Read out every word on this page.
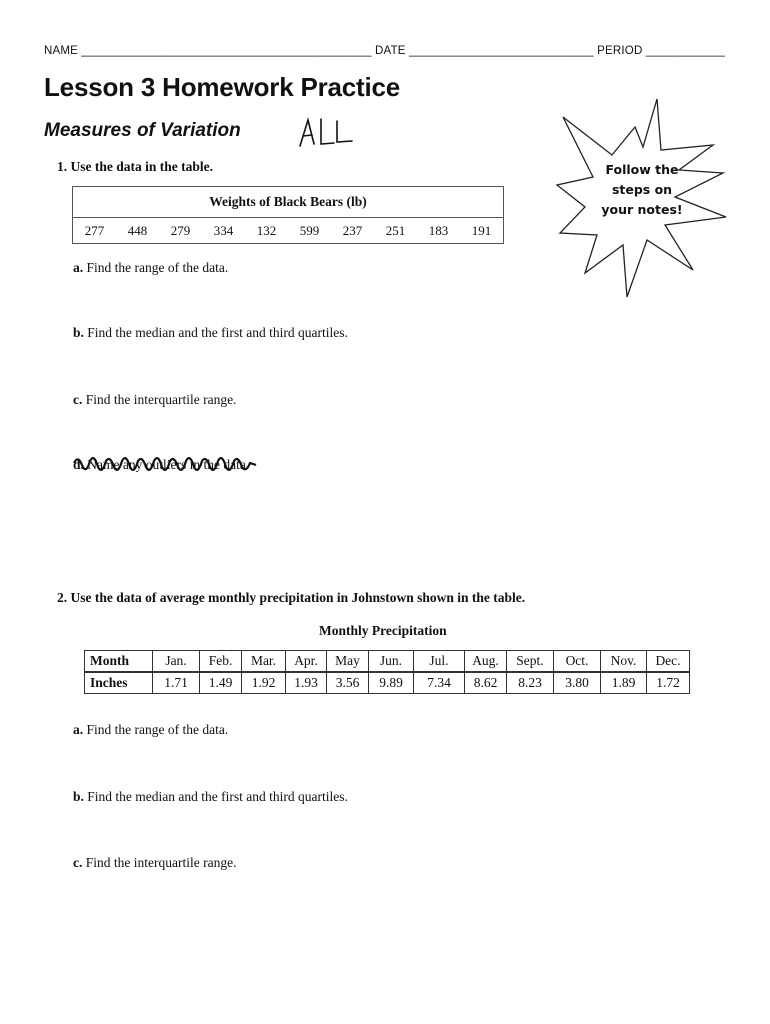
NAME ____________________________________________ DATE ____________________________ PERIOD ____________
Lesson 3 Homework Practice
Measures of Variation
Follow the
steps on
your notes!
1. Use the data in the table.
Weights of Black Bears (lb)
277	448	279	334	132	599	237	251	183	191
a. Find the range of the data.
b. Find the median and the first and third quartiles.
c. Find the interquartile range.
d. Name any outliers in the data.
2. Use the data of average monthly precipitation in Johnstown shown in the table.
Monthly Precipitation
Month	Jan.	Feb.	Mar.	Apr.	May	Jun.	Jul.	Aug.	Sept.	Oct.	Nov.	Dec.
Inches	1.71	1.49	1.92	1.93	3.56	9.89	7.34	8.62	8.23	3.80	1.89	1.72
a. Find the range of the data.
b. Find the median and the first and third quartiles.
c. Find the interquartile range.
